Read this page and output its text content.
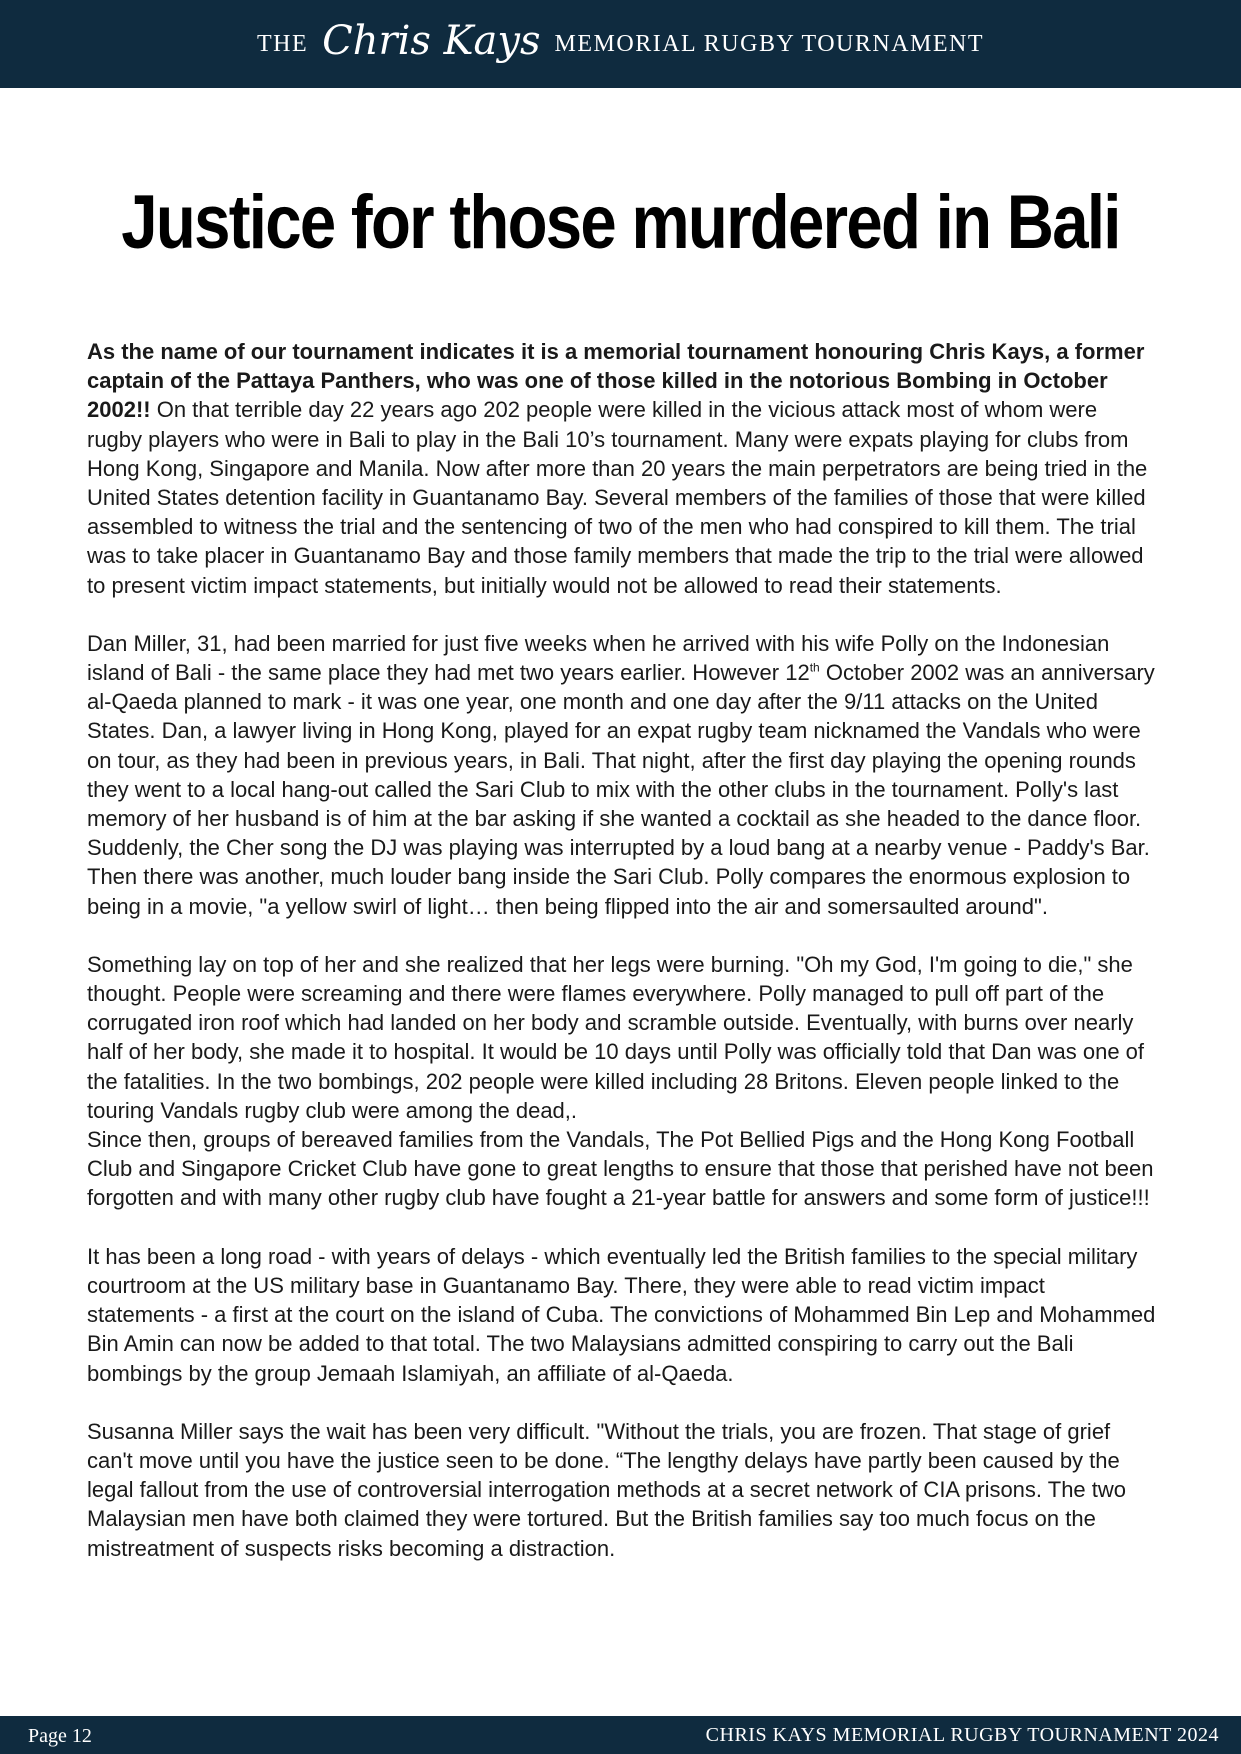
THE Chris Kays MEMORIAL RUGBY TOURNAMENT
Justice for those murdered in Bali

As the name of our tournament indicates it is a memorial tournament honouring Chris Kays, a former captain of the Pattaya Panthers, who was one of those killed in the notorious Bombing in October 2002!! On that terrible day 22 years ago 202 people were killed in the vicious attack most of whom were rugby players who were in Bali to play in the Bali 10’s tournament. Many were expats playing for clubs from Hong Kong, Singapore and Manila. Now after more than 20 years the main perpetrators are being tried in the United States detention facility in Guantanamo Bay. Several members of the families of those that were killed assembled to witness the trial and the sentencing of two of the men who had conspired to kill them. The trial was to take placer in Guantanamo Bay and those family members that made the trip to the trial were allowed to present victim impact statements, but initially would not be allowed to read their statements.

Dan Miller, 31, had been married for just five weeks when he arrived with his wife Polly on the Indonesian island of Bali - the same place they had met two years earlier. However 12th October 2002 was an anniversary al-Qaeda planned to mark - it was one year, one month and one day after the 9/11 attacks on the United States. Dan, a lawyer living in Hong Kong, played for an expat rugby team nicknamed the Vandals who were on tour, as they had been in previous years, in Bali. That night, after the first day playing the opening rounds they went to a local hang-out called the Sari Club to mix with the other clubs in the tournament. Polly's last memory of her husband is of him at the bar asking if she wanted a cocktail as she headed to the dance floor. Suddenly, the Cher song the DJ was playing was interrupted by a loud bang at a nearby venue - Paddy's Bar. Then there was another, much louder bang inside the Sari Club. Polly compares the enormous explosion to being in a movie, "a yellow swirl of light… then being flipped into the air and somersaulted around".

Something lay on top of her and she realized that her legs were burning. "Oh my God, I'm going to die," she thought. People were screaming and there were flames everywhere. Polly managed to pull off part of the corrugated iron roof which had landed on her body and scramble outside. Eventually, with burns over nearly half of her body, she made it to hospital. It would be 10 days until Polly was officially told that Dan was one of the fatalities. In the two bombings, 202 people were killed including 28 Britons. Eleven people linked to the touring Vandals rugby club were among the dead,.
Since then, groups of bereaved families from the Vandals, The Pot Bellied Pigs and the Hong Kong Football Club and Singapore Cricket Club have gone to great lengths to ensure that those that perished have not been forgotten and with many other rugby club have fought a 21-year battle for answers and some form of justice!!!

It has been a long road - with years of delays - which eventually led the British families to the special military courtroom at the US military base in Guantanamo Bay. There, they were able to read victim impact statements - a first at the court on the island of Cuba. The convictions of Mohammed Bin Lep and Mohammed Bin Amin can now be added to that total. The two Malaysians admitted conspiring to carry out the Bali bombings by the group Jemaah Islamiyah, an affiliate of al-Qaeda.

Susanna Miller says the wait has been very difficult. "Without the trials, you are frozen. That stage of grief can't move until you have the justice seen to be done. “The lengthy delays have partly been caused by the legal fallout from the use of controversial interrogation methods at a secret network of CIA prisons. The two Malaysian men have both claimed they were tortured. But the British families say too much focus on the mistreatment of suspects risks becoming a distraction.

Page 12	CHRIS KAYS MEMORIAL RUGBY TOURNAMENT 2024
